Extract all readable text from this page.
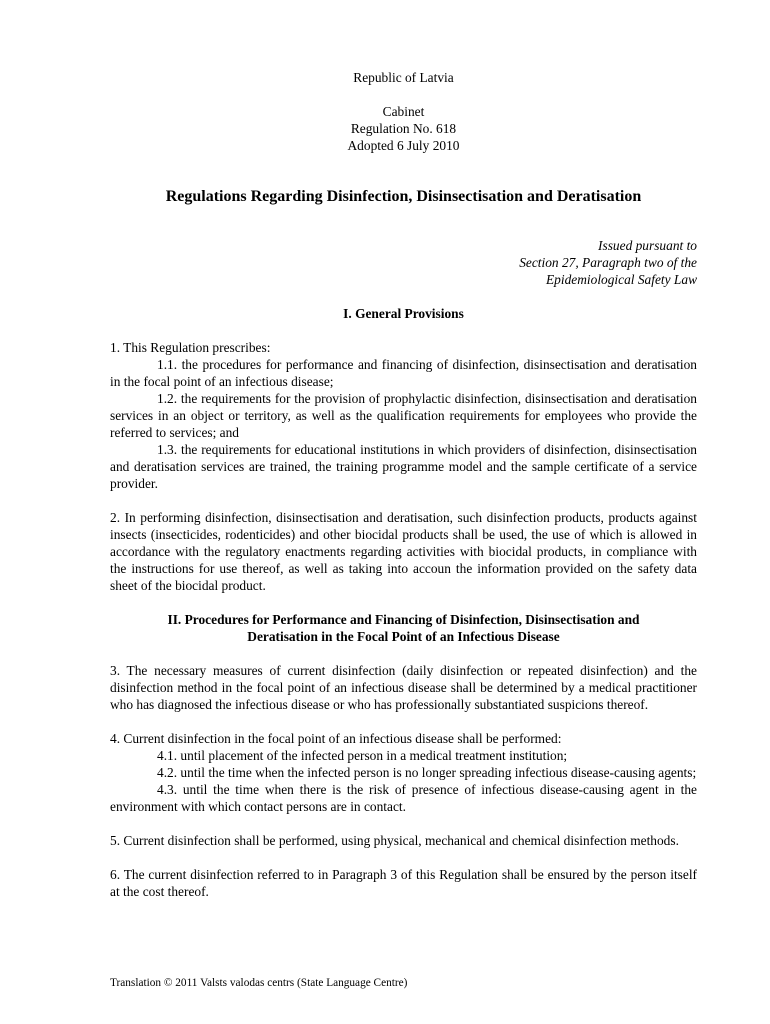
Republic of Latvia

Cabinet

Regulation No. 618

Adopted 6 July 2010

Regulations Regarding Disinfection, Disinsectisation and Deratisation

Issued pursuant to

Section 27, Paragraph two of the

Epidemiological Safety Law

I. General Provisions

1. This Regulation prescribes:

1.1. the procedures for performance and financing of disinfection, disinsectisation and deratisation in the focal point of an infectious disease;

1.2. the requirements for the provision of prophylactic disinfection, disinsectisation and deratisation services in an object or territory, as well as the qualification requirements for employees who provide the referred to services; and

1.3. the requirements for educational institutions in which providers of disinfection, disinsectisation and deratisation services are trained, the training programme model and the sample certificate of a service provider.

2. In performing disinfection, disinsectisation and deratisation, such disinfection products, products against insects (insecticides, rodenticides) and other biocidal products shall be used, the use of which is allowed in accordance with the regulatory enactments regarding activities with biocidal products, in compliance with the instructions for use thereof, as well as taking into accoun the information provided on the safety data sheet of the biocidal product.

II. Procedures for Performance and Financing of Disinfection, Disinsectisation and

Deratisation in the Focal Point of an Infectious Disease

3. The necessary measures of current disinfection (daily disinfection or repeated disinfection) and the disinfection method in the focal point of an infectious disease shall be determined by a medical practitioner who has diagnosed the infectious disease or who has professionally substantiated suspicions thereof.

4. Current disinfection in the focal point of an infectious disease shall be performed:

4.1. until placement of the infected person in a medical treatment institution;

4.2. until the time when the infected person is no longer spreading infectious disease-causing agents;

4.3. until the time when there is the risk of presence of infectious disease-causing agent in the environment with which contact persons are in contact.

5. Current disinfection shall be performed, using physical, mechanical and chemical disinfection methods.

6. The current disinfection referred to in Paragraph 3 of this Regulation shall be ensured by the person itself at the cost thereof.

Translation © 2011 Valsts valodas centrs (State Language Centre)
